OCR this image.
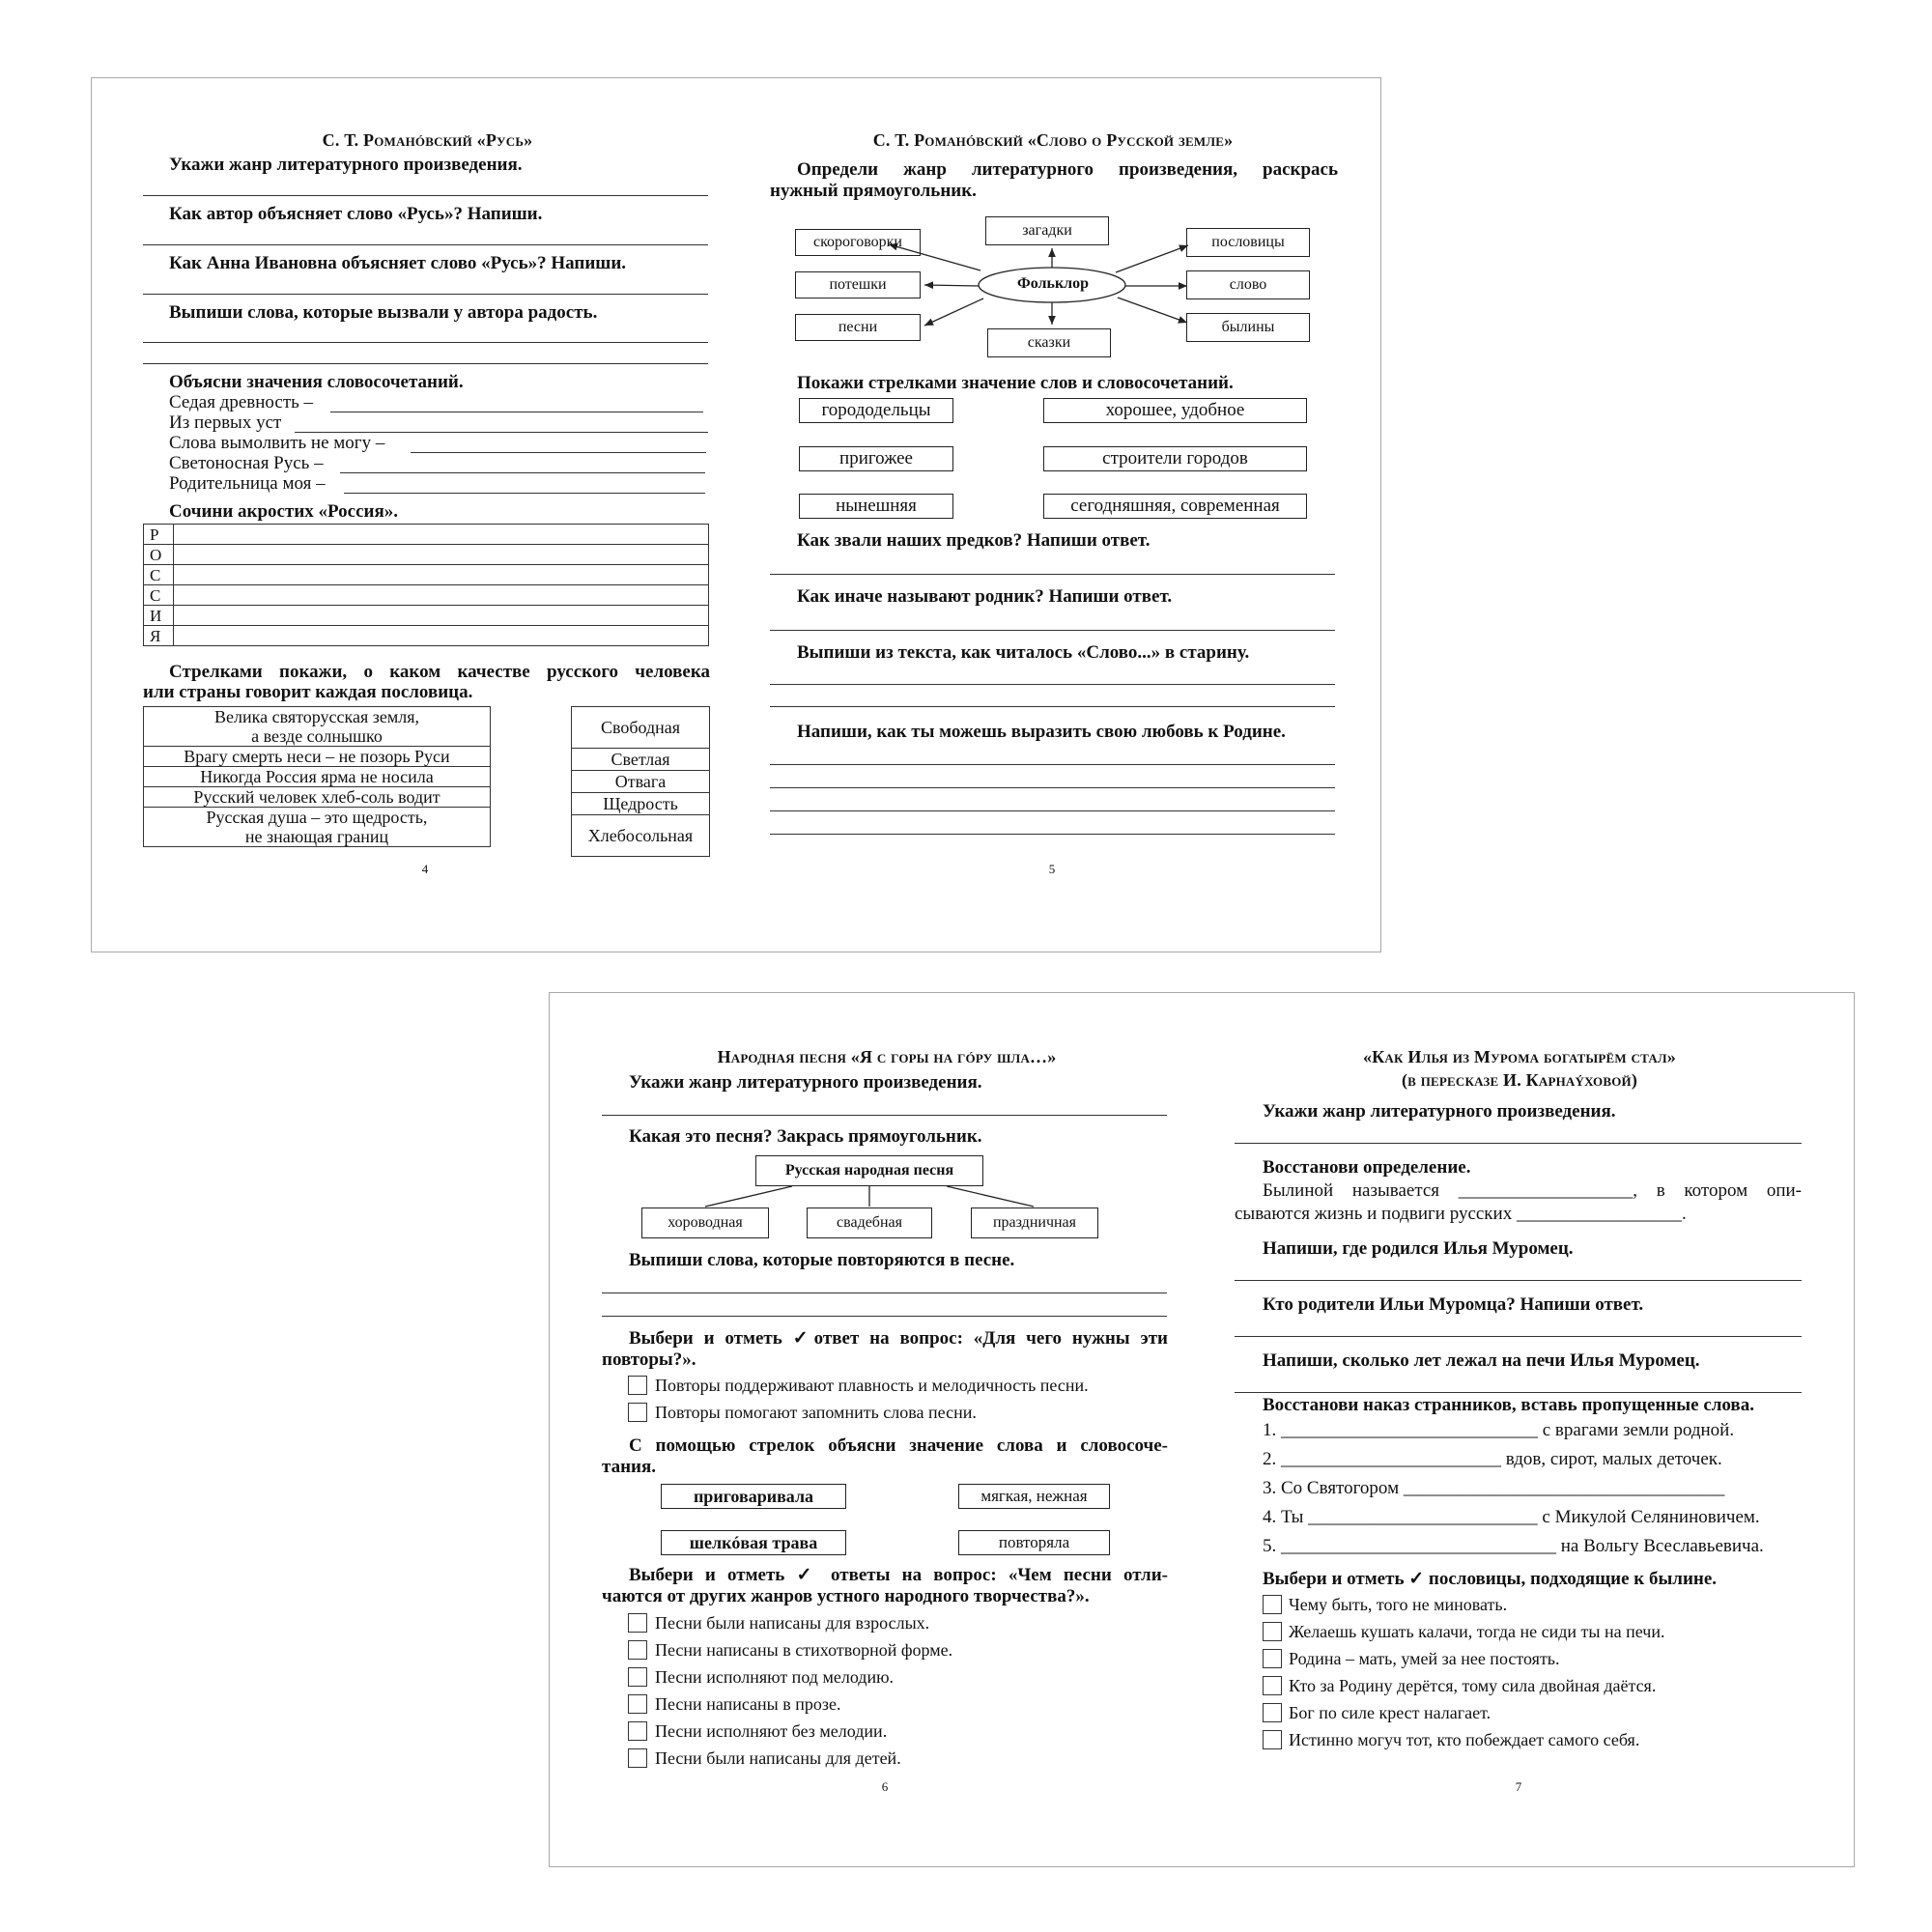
С. Т. Романóвский «Русь»
Укажи жанр литературного произведения.
Как автор объясняет слово «Русь»? Напиши.
Как Анна Ивановна объясняет слово «Русь»? Напиши.
Выпиши слова, которые вызвали у автора радость.
Объясни значения словосочетаний.
Седая древность –
Из первых уст
Слова вымолвить не могу –
Светоносная Русь –
Родительница моя –
Сочини акростих «Россия».
Р	
О	
С	
С	
И	
Я	
Стрелками покажи, о каком качестве русского человека
или страны говорит каждая пословица.
Велика святорусская земля,
а везде солнышко
Врагу смерть неси – не позорь Руси
Никогда Россия ярма не носила
Русский человек хлеб-соль водит
Русская душа – это щедрость,
не знающая границ
Свободная
Светлая
Отвага
Щедрость
Хлебосольная
4
С. Т. Романóвский «Слово о Русской земле»
Определи жанр литературного произведения, раскрась
нужный прямоугольник.
Фольклор
загадки
сказки
скороговорки
потешки
песни
пословицы
слово
былины
Покажи стрелками значение слов и словосочетаний.
горододельцы
пригожее
нынешняя
хорошее, удобное
строители городов
сегодняшняя, современная
Как звали наших предков? Напиши ответ.
Как иначе называют родник? Напиши ответ.
Выпиши из текста, как читалось «Слово...» в старину.
Напиши, как ты можешь выразить свою любовь к Родине.
5
Народная песня «Я с горы на гóру шла…»
Укажи жанр литературного произведения.
Какая это песня? Закрась прямоугольник.
Русская народная песня
хороводная	свадебная	праздничная
Выпиши слова, которые повторяются в песне.
Выбери и отметь ✓ответ на вопрос: «Для чего нужны эти
повторы?».
Повторы поддерживают плавность и мелодичность песни.
Повторы помогают запомнить слова песни.
С помощью стрелок объясни значение слова и словосоче-
тания.
приговаривала
шелкóвая трава
мягкая, нежная
повторяла
Выбери и отметь ✓ ответы на вопрос: «Чем песни отли-
чаются от других жанров устного народного творчества?».
Песни были написаны для взрослых.
Песни написаны в стихотворной форме.
Песни исполняют под мелодию.
Песни написаны в прозе.
Песни исполняют без мелодии.
Песни были написаны для детей.
6
«Как Илья из Мурома богатырём стал»
(в пересказе И. Карнаýховой)
Укажи жанр литературного произведения.
Восстанови определение.
Былиной называется ___________________, в котором опи-
сываются жизнь и подвиги русских __________________.
Напиши, где родился Илья Муромец.
Кто родители Ильи Муромца? Напиши ответ.
Напиши, сколько лет лежал на печи Илья Муромец.
Восстанови наказ странников, вставь пропущенные слова.
1. ____________________________ с врагами земли родной.
2. ________________________ вдов, сирот, малых деточек.
3. Со Святогором ___________________________________
4. Ты _________________________ с Микулой Селяниновичем.
5. ______________________________ на Вольгу Всеславьевича.
Выбери и отметь ✓ пословицы, подходящие к былине.
Чему быть, того не миновать.
Желаешь кушать калачи, тогда не сиди ты на печи.
Родина – мать, умей за нее постоять.
Кто за Родину дерётся, тому сила двойная даётся.
Бог по силе крест налагает.
Истинно могуч тот, кто побеждает самого себя.
7
